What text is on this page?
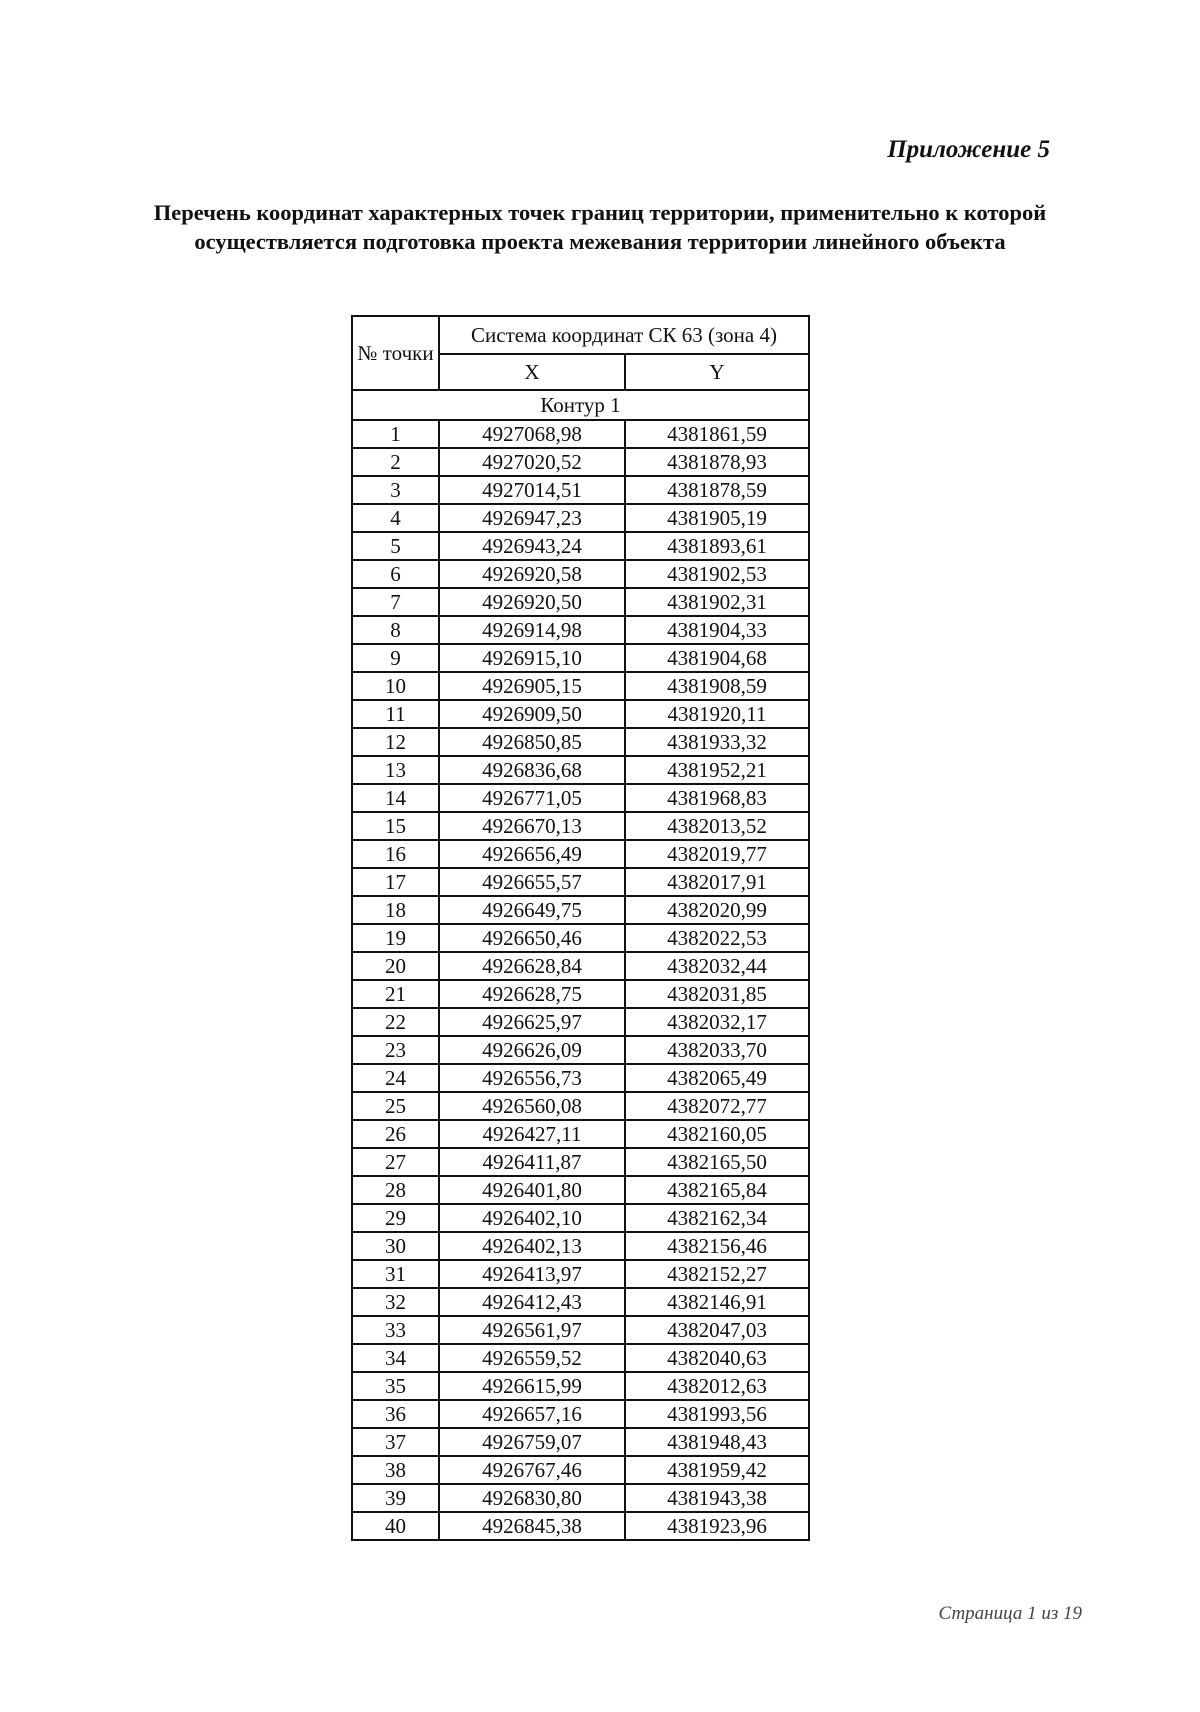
Приложение 5
Перечень координат характерных точек границ территории, применительно к которой осуществляется подготовка проекта межевания территории линейного объекта
№ точки	Система координат СК 63 (зона 4)	
	X	Y
Контур 1		
1	4927068,98	4381861,59
2	4927020,52	4381878,93
3	4927014,51	4381878,59
4	4926947,23	4381905,19
5	4926943,24	4381893,61
6	4926920,58	4381902,53
7	4926920,50	4381902,31
8	4926914,98	4381904,33
9	4926915,10	4381904,68
10	4926905,15	4381908,59
11	4926909,50	4381920,11
12	4926850,85	4381933,32
13	4926836,68	4381952,21
14	4926771,05	4381968,83
15	4926670,13	4382013,52
16	4926656,49	4382019,77
17	4926655,57	4382017,91
18	4926649,75	4382020,99
19	4926650,46	4382022,53
20	4926628,84	4382032,44
21	4926628,75	4382031,85
22	4926625,97	4382032,17
23	4926626,09	4382033,70
24	4926556,73	4382065,49
25	4926560,08	4382072,77
26	4926427,11	4382160,05
27	4926411,87	4382165,50
28	4926401,80	4382165,84
29	4926402,10	4382162,34
30	4926402,13	4382156,46
31	4926413,97	4382152,27
32	4926412,43	4382146,91
33	4926561,97	4382047,03
34	4926559,52	4382040,63
35	4926615,99	4382012,63
36	4926657,16	4381993,56
37	4926759,07	4381948,43
38	4926767,46	4381959,42
39	4926830,80	4381943,38
40	4926845,38	4381923,96
Страница 1 из 19
